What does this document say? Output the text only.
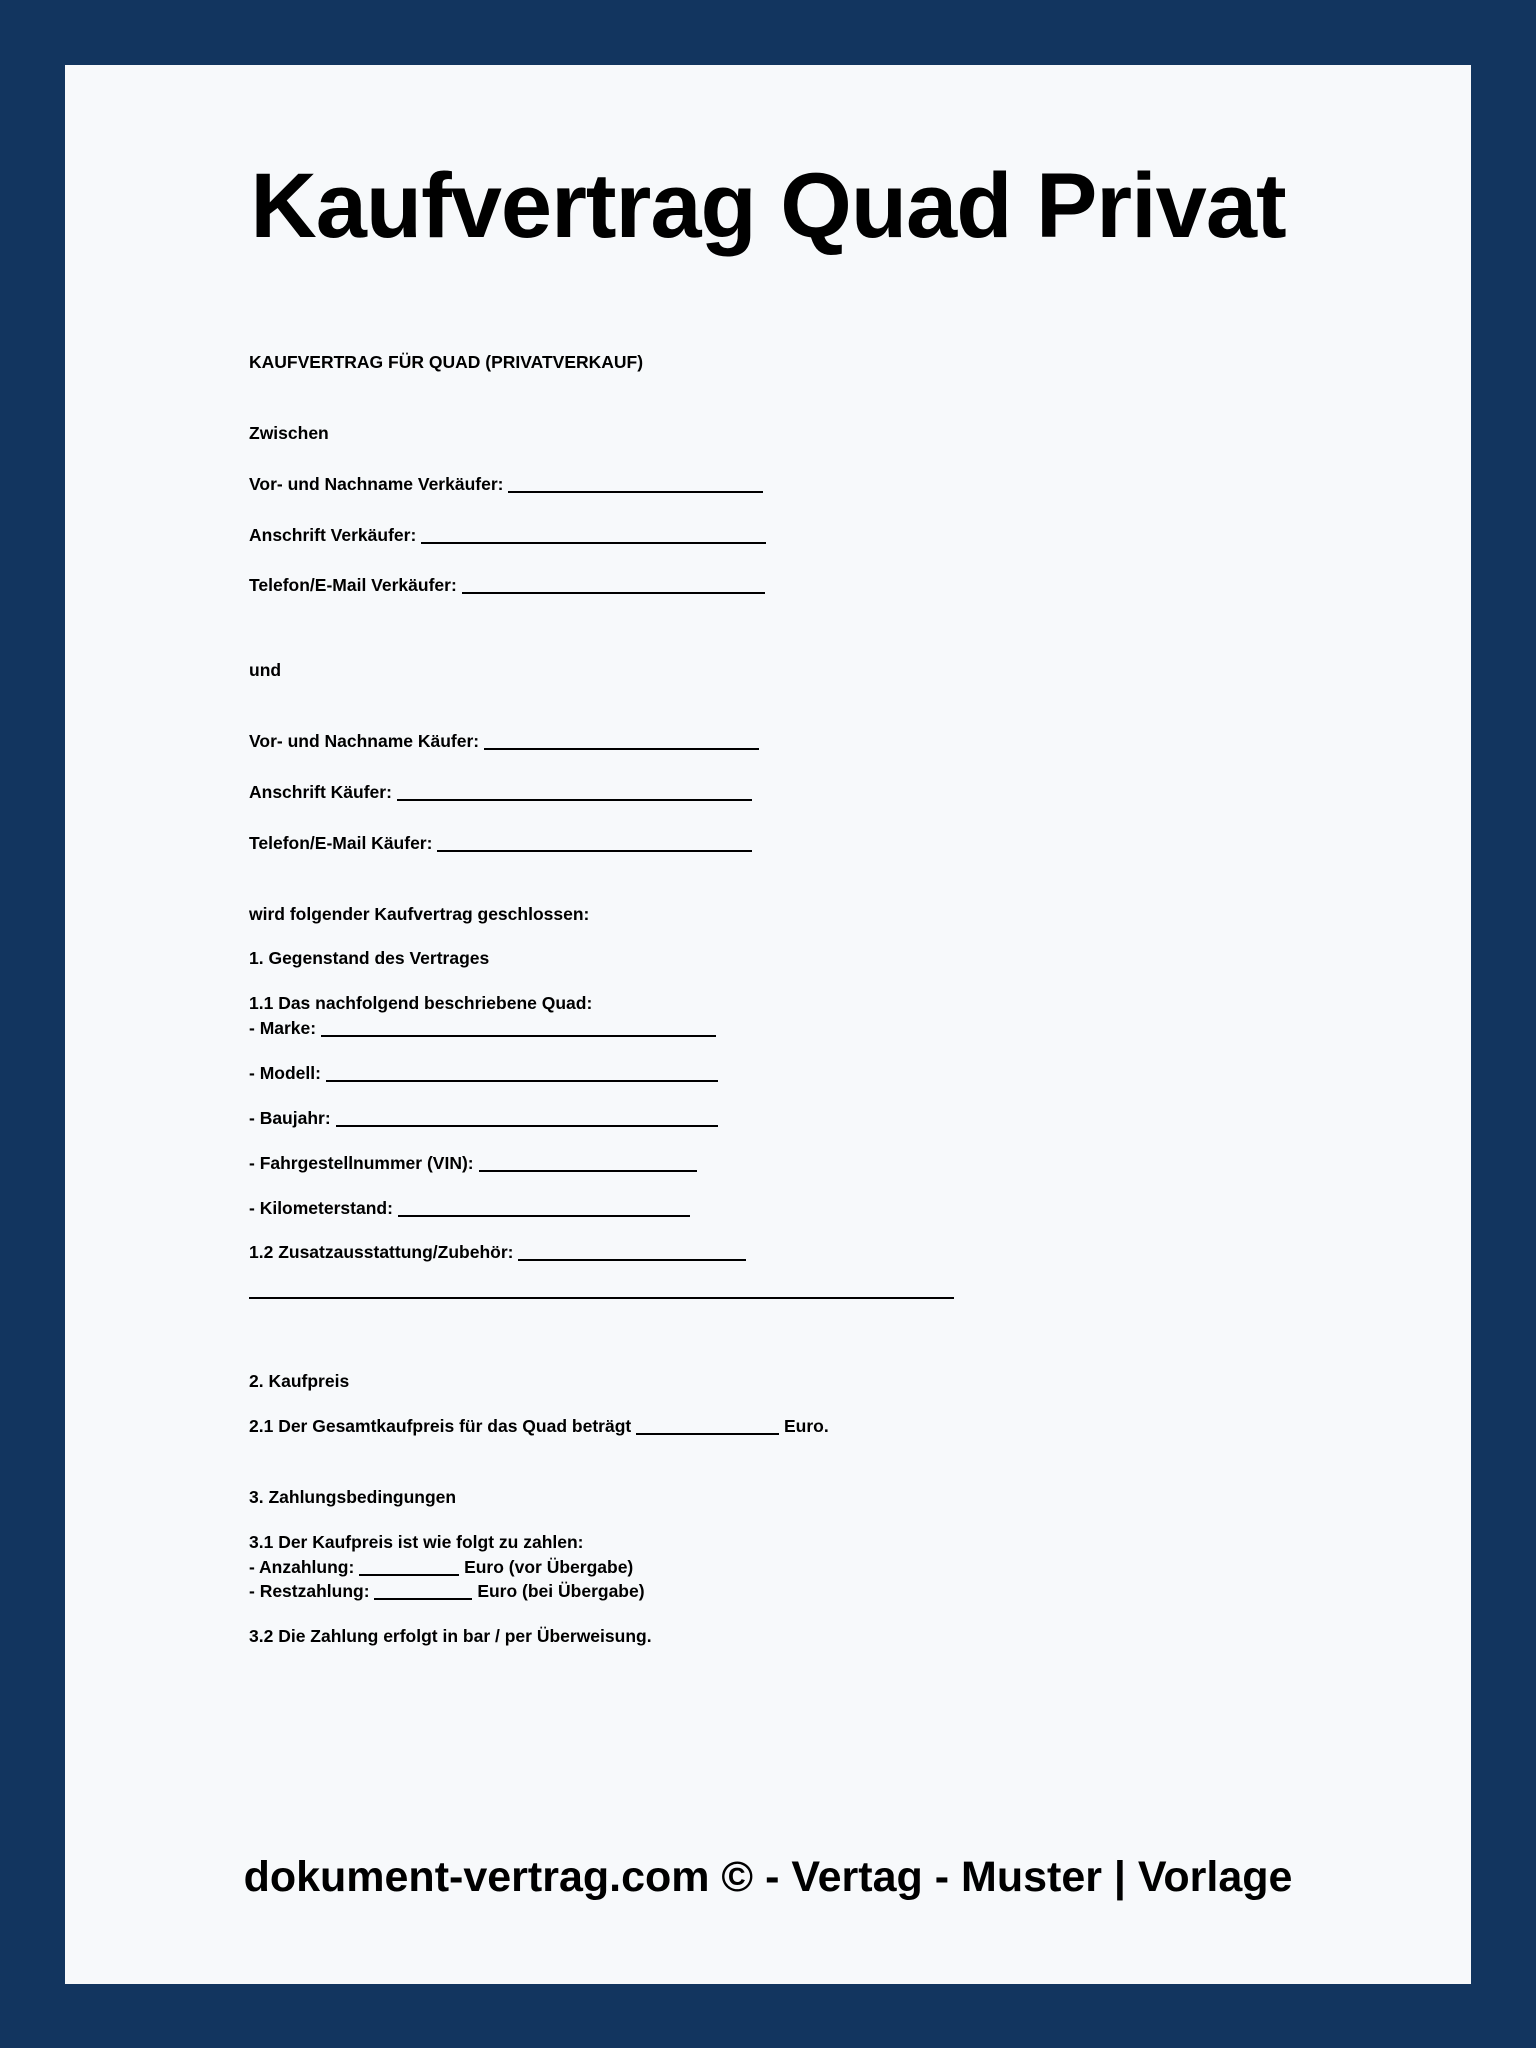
Kaufvertrag Quad Privat
KAUFVERTRAG FÜR QUAD (PRIVATVERKAUF)
Zwischen
Vor- und Nachname Verkäufer:
Anschrift Verkäufer:
Telefon/E-Mail Verkäufer:
und
Vor- und Nachname Käufer:
Anschrift Käufer:
Telefon/E-Mail Käufer:
wird folgender Kaufvertrag geschlossen:
1. Gegenstand des Vertrages
1.1 Das nachfolgend beschriebene Quad:
- Marke:
- Modell:
- Baujahr:
- Fahrgestellnummer (VIN):
- Kilometerstand:
1.2 Zusatzausstattung/Zubehör:
2. Kaufpreis
2.1 Der Gesamtkaufpreis für das Quad beträgt	Euro.
3. Zahlungsbedingungen
3.1 Der Kaufpreis ist wie folgt zu zahlen:
- Anzahlung:	Euro (vor Übergabe)
- Restzahlung:	Euro (bei Übergabe)
3.2 Die Zahlung erfolgt in bar / per Überweisung.
dokument-vertrag.com © - Vertag - Muster | Vorlage
